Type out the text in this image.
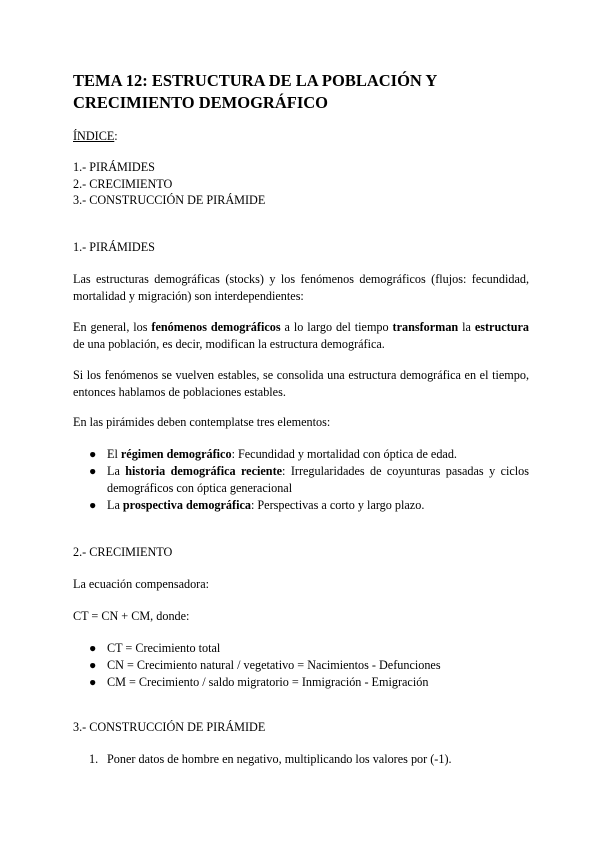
TEMA 12: ESTRUCTURA DE LA POBLACIÓN Y CRECIMIENTO DEMOGRÁFICO

ÍNDICE:

1.- PIRÁMIDES

2.- CRECIMIENTO

3.- CONSTRUCCIÓN DE PIRÁMIDE

1.- PIRÁMIDES

Las estructuras demográficas (stocks) y los fenómenos demográficos (flujos: fecundidad, mortalidad y migración) son interdependientes:

En general, los fenómenos demográficos a lo largo del tiempo transforman la estructura de una población, es decir, modifican la estructura demográfica.

Si los fenómenos se vuelven estables, se consolida una estructura demográfica en el tiempo, entonces hablamos de poblaciones estables.

En las pirámides deben contemplatse tres elementos:

● El régimen demográfico: Fecundidad y mortalidad con óptica de edad.
● La historia demográfica reciente: Irregularidades de coyunturas pasadas y ciclos demográficos con óptica generacional
● La prospectiva demográfica: Perspectivas a corto y largo plazo.

2.- CRECIMIENTO

La ecuación compensadora:

CT = CN + CM, donde:

● CT = Crecimiento total
● CN = Crecimiento natural / vegetativo = Nacimientos - Defunciones
● CM = Crecimiento / saldo migratorio = Inmigración - Emigración

3.- CONSTRUCCIÓN DE PIRÁMIDE

1. Poner datos de hombre en negativo, multiplicando los valores por (-1).
